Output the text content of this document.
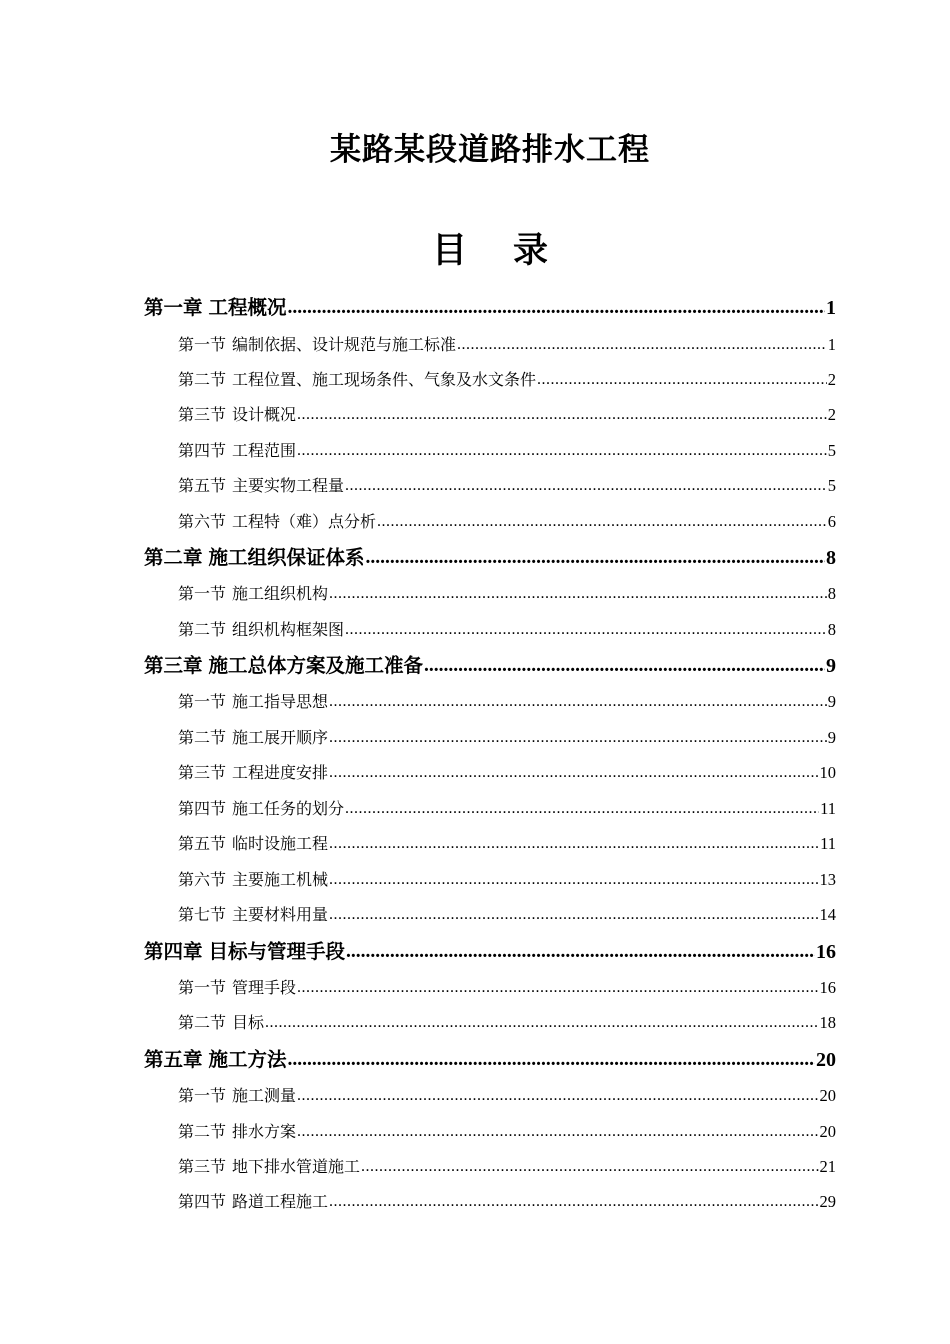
某路某段道路排水工程
目 录
第一章 工程概况 .....	1
第一节 编制依据、设计规范与施工标准 .....	1
第二节 工程位置、施工现场条件、气象及水文条件 .....	2
第三节 设计概况 .....	2
第四节 工程范围 .....	5
第五节 主要实物工程量 .....	5
第六节 工程特（难）点分析 .....	6
第二章 施工组织保证体系 .....	8
第一节 施工组织机构 .....	8
第二节 组织机构框架图 .....	8
第三章 施工总体方案及施工准备 .....	9
第一节 施工指导思想 .....	9
第二节 施工展开顺序 .....	9
第三节 工程进度安排 .....	10
第四节 施工任务的划分 .....	11
第五节 临时设施工程 .....	11
第六节 主要施工机械 .....	13
第七节 主要材料用量 .....	14
第四章 目标与管理手段 .....	16
第一节 管理手段 .....	16
第二节 目标 .....	18
第五章 施工方法 .....	20
第一节 施工测量 .....	20
第二节 排水方案 .....	20
第三节 地下排水管道施工 .....	21
第四节 路道工程施工 .....	29
